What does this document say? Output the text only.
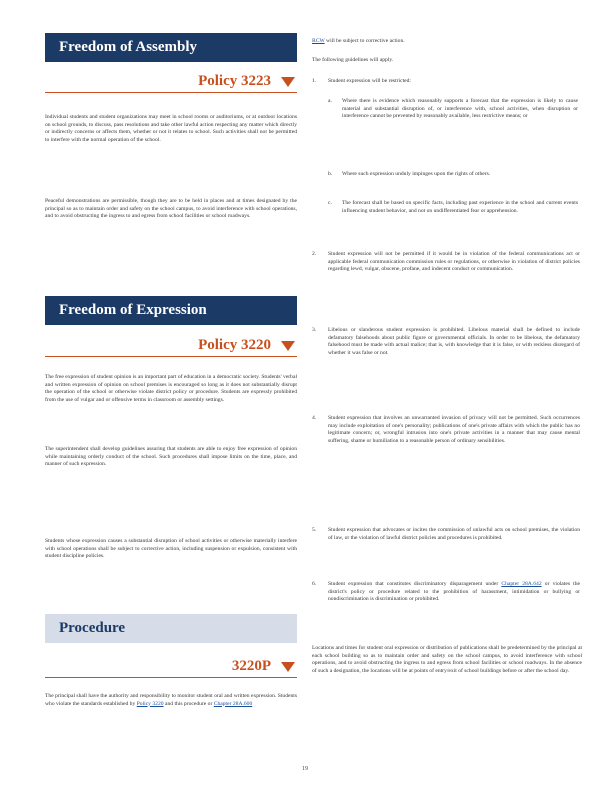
Freedom of Assembly
Policy 3223
Individual students and student organizations may meet in school rooms or auditoriums, or at outdoor locations on school grounds, to discuss, pass resolutions and take other lawful action respecting any matter which directly or indirectly concerns or affects them, whether or not it relates to school. Such activities shall not be permitted to interfere with the normal operation of the school.
Peaceful demonstrations are permissible, though they are to be held in places and at times designated by the principal so as to maintain order and safety on the school campus, to avoid interference with school operations, and to avoid obstructing the ingress to and egress from school facilities or school roadways.
Freedom of Expression
Policy 3220
The free expression of student opinion is an important part of education in a democratic society. Students' verbal and written expression of opinion on school premises is encouraged so long as it does not substantially disrupt the operation of the school or otherwise violate district policy or procedure. Students are expressly prohibited from the use of vulgar and or offensive terms in classroom or assembly settings.
The superintendent shall develop guidelines assuring that students are able to enjoy free expression of opinion while maintaining orderly conduct of the school. Such procedures shall impose limits on the time, place, and manner of such expression.
Students whose expression causes a substantial disruption of school activities or otherwise materially interfere with school operations shall be subject to corrective action, including suspension or expulsion, consistent with student discipline policies.
Procedure
3220P
The principal shall have the authority and responsibility to monitor student oral and written expression. Students who violate the standards established by Policy 3220 and this procedure or Chapter 28A.600
RCW will be subject to corrective action.
The following guidelines will apply.
1. Student expression will be restricted:
a. Where there is evidence which reasonably supports a forecast that the expression is likely to cause material and substantial disruption of, or interference with, school activities, when disruption or interference cannot be prevented by reasonably available, less restrictive means; or
b. Where such expression unduly impinges upon the rights of others.
c. The forecast shall be based on specific facts, including past experience in the school and current events influencing student behavior, and not on undifferentiated fear or apprehension.
2. Student expression will not be permitted if it would be in violation of the federal communications act or applicable federal communication commission rules or regulations, or otherwise in violation of district policies regarding lewd, vulgar, obscene, profane, and indecent conduct or communication.
3. Libelous or slanderous student expression is prohibited. Libelous material shall be defined to include defamatory falsehoods about public figure or governmental officials. In order to be libelous, the defamatory falsehood must be made with actual malice; that is, with knowledge that it is false, or with reckless disregard of whether it was false or not.
4. Student expression that involves an unwarranted invasion of privacy will not be permitted. Such occurrences may include exploitation of one's personality; publications of one's private affairs with which the public has no legitimate concern; or, wrongful intrusion into one's private activities in a manner that may cause mental suffering, shame or humiliation to a reasonable person of ordinary sensibilities.
5. Student expression that advocates or incites the commission of unlawful acts on school premises, the violation of law, or the violation of lawful district policies and procedures is prohibited.
6. Student expression that constitutes discriminatory disparagement under Chapter 28A.642 or violates the district's policy or procedure related to the prohibition of harassment, intimidation or bullying or nondiscrimination is discrimination or prohibited.
Locations and times for student oral expression or distribution of publications shall be predetermined by the principal at each school building so as to maintain order and safety on the school campus, to avoid interference with school operations, and to avoid obstructing the ingress to and egress from school facilities or school roadways. In the absence of such a designation, the locations will be at points of entry/exit of school buildings before or after the school day.
19
